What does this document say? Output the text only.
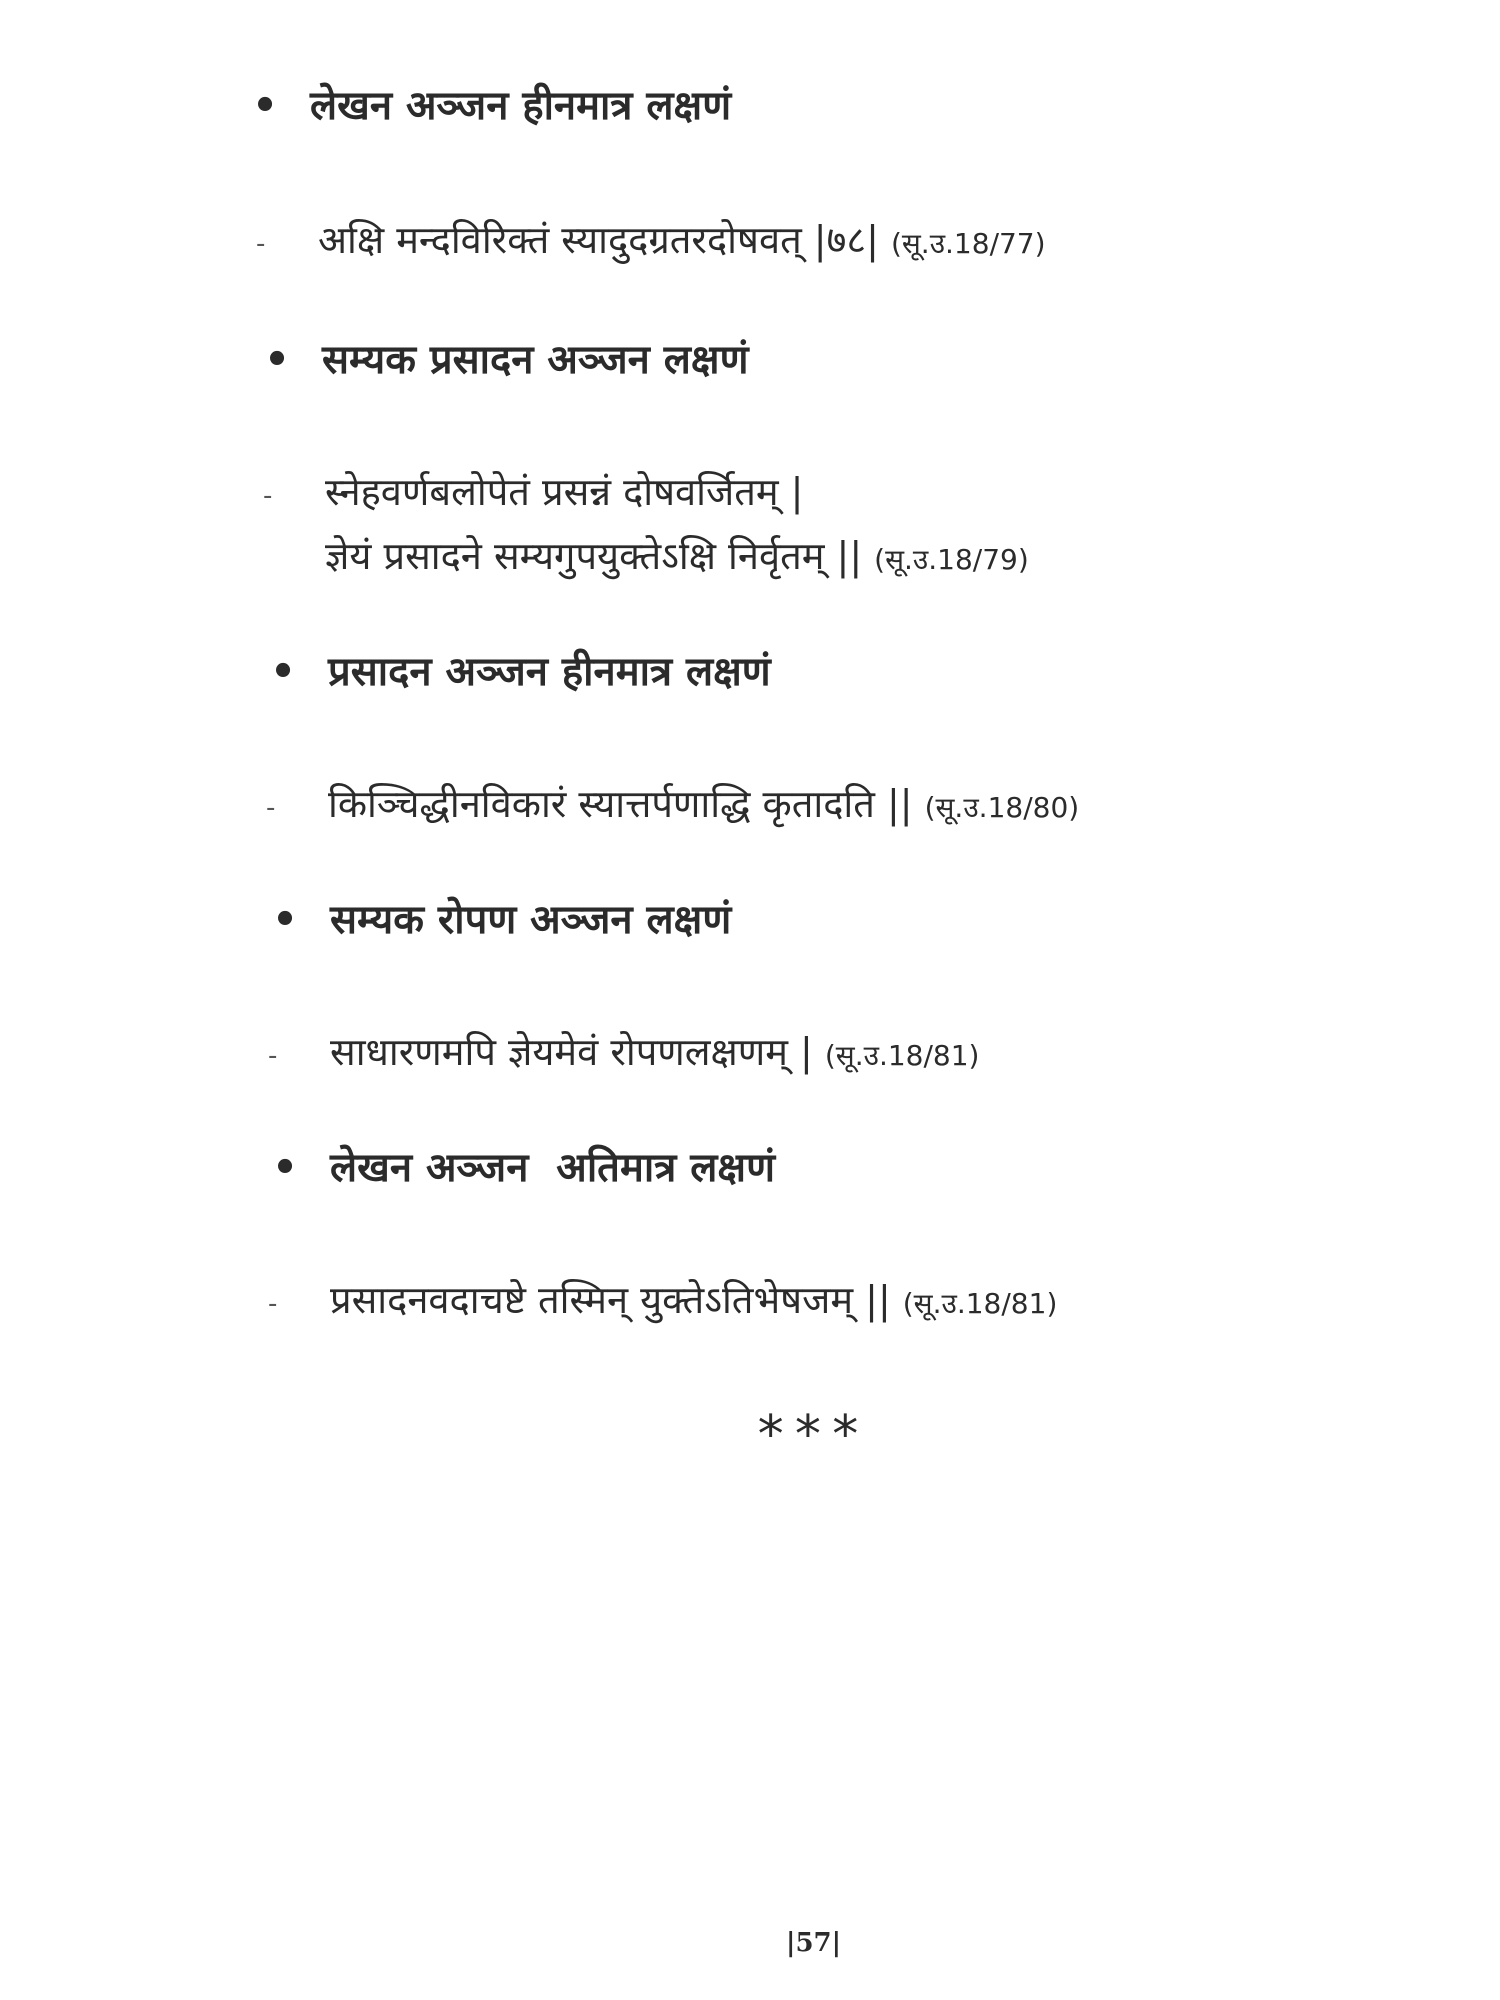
• लेखन अञ्जन हीनमात्र लक्षणं
- अक्षि मन्दविरिक्तं स्यादुदग्रतरदोषवत् |७८| (सू.उ.18/77)
• सम्यक प्रसादन अञ्जन लक्षणं
- स्नेहवर्णबलोपेतं प्रसन्नं दोषवर्जितम् |
ज्ञेयं प्रसादने सम्यगुपयुक्तेऽक्षि निर्वृतम् || (सू.उ.18/79)
• प्रसादन अञ्जन हीनमात्र लक्षणं
- किञ्चिद्धीनविकारं स्यात्तर्पणाद्धि कृतादति || (सू.उ.18/80)
• सम्यक रोपण अञ्जन लक्षणं
- साधारणमपि ज्ञेयमेवं रोपणलक्षणम् | (सू.उ.18/81)
• लेखन अञ्जन  अतिमात्र लक्षणं
- प्रसादनवदाचष्टे तस्मिन् युक्तेऽतिभेषजम् || (सू.उ.18/81)
***
|57|
